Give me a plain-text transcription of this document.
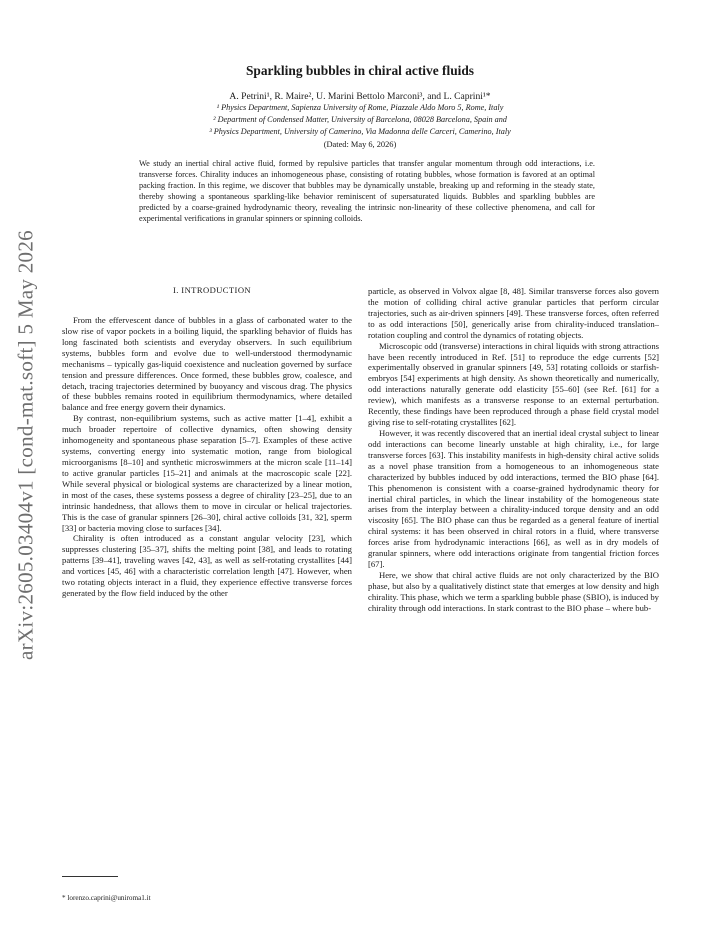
arXiv:2605.03404v1 [cond-mat.soft] 5 May 2026
Sparkling bubbles in chiral active fluids
A. Petrini¹, R. Maire², U. Marini Bettolo Marconi³, and L. Caprini¹*
¹ Physics Department, Sapienza University of Rome, Piazzale Aldo Moro 5, Rome, Italy
² Department of Condensed Matter, University of Barcelona, 08028 Barcelona, Spain and
³ Physics Department, University of Camerino, Via Madonna delle Carceri, Camerino, Italy
(Dated: May 6, 2026)
We study an inertial chiral active fluid, formed by repulsive particles that transfer angular momentum through odd interactions, i.e. transverse forces. Chirality induces an inhomogeneous phase, consisting of rotating bubbles, whose formation is favored at an optimal packing fraction. In this regime, we discover that bubbles may be dynamically unstable, breaking up and reforming in the steady state, thereby showing a spontaneous sparkling-like behavior reminiscent of supersaturated liquids. Bubbles and sparkling bubbles are predicted by a coarse-grained hydrodynamic theory, revealing the intrinsic non-linearity of these collective phenomena, and call for experimental verifications in granular spinners or spinning colloids.
I. INTRODUCTION

From the effervescent dance of bubbles in a glass of carbonated water to the slow rise of vapor pockets in a boiling liquid, the sparkling behavior of fluids has long fascinated both scientists and everyday observers. In such equilibrium systems, bubbles form and evolve due to well-understood thermodynamic mechanisms – typically gas-liquid coexistence and nucleation governed by surface tension and pressure differences. Once formed, these bubbles grow, coalesce, and detach, tracing trajectories determined by buoyancy and viscous drag. The physics of these bubbles remains rooted in equilibrium thermodynamics, where detailed balance and free energy govern their dynamics.

By contrast, non-equilibrium systems, such as active matter [1–4], exhibit a much broader repertoire of collective dynamics, often showing density inhomogeneity and spontaneous phase separation [5–7]. Examples of these active systems, converting energy into systematic motion, range from biological microorganisms [8–10] and synthetic microswimmers at the micron scale [11–14] to active granular particles [15–21] and animals at the macroscopic scale [22]. While several physical or biological systems are characterized by a linear motion, in most of the cases, these systems possess a degree of chirality [23–25], due to an intrinsic handedness, that allows them to move in circular or helical trajectories. This is the case of granular spinners [26–30], chiral active colloids [31, 32], sperm [33] or bacteria moving close to surfaces [34].

Chirality is often introduced as a constant angular velocity [23], which suppresses clustering [35–37], shifts the melting point [38], and leads to rotating patterns [39–41], traveling waves [42, 43], as well as self-rotating crystallites [44] and vortices [45, 46] with a characteristic correlation length [47]. However, when two rotating objects interact in a fluid, they experience effective transverse forces generated by the flow field induced by the other

particle, as observed in Volvox algae [8, 48]. Similar transverse forces also govern the motion of colliding chiral active granular particles that perform circular trajectories, such as air-driven spinners [49]. These transverse forces, often referred to as odd interactions [50], generically arise from chirality-induced translation–rotation coupling and control the dynamics of rotating objects.

Microscopic odd (transverse) interactions in chiral liquids with strong attractions have been recently introduced in Ref. [51] to reproduce the edge currents [52] experimentally observed in granular spinners [49, 53] rotating colloids or starfish-embryos [54] experiments at high density. As shown theoretically and numerically, odd interactions naturally generate odd elasticity [55–60] (see Ref. [61] for a review), which manifests as a transverse response to an external perturbation. Recently, these findings have been reproduced through a phase field crystal model giving rise to self-rotating crystallites [62].

However, it was recently discovered that an inertial ideal crystal subject to linear odd interactions can become linearly unstable at high chirality, i.e., for large transverse forces [63]. This instability manifests in high-density chiral active solids as a novel phase transition from a homogeneous to an inhomogeneous state characterized by bubbles induced by odd interactions, termed the BIO phase [64]. This phenomenon is consistent with a coarse-grained hydrodynamic theory for inertial chiral particles, in which the linear instability of the homogeneous state arises from the interplay between a chirality-induced torque density and an odd viscosity [65]. The BIO phase can thus be regarded as a general feature of inertial chiral systems: it has been observed in chiral rotors in a fluid, where transverse forces arise from hydrodynamic interactions [66], as well as in dry models of granular spinners, where odd interactions originate from tangential friction forces [67].

Here, we show that chiral active fluids are not only characterized by the BIO phase, but also by a qualitatively distinct state that emerges at low density and high chirality. This phase, which we term a sparkling bubble phase (SBIO), is induced by chirality through odd interactions. In stark contrast to the BIO phase – where bub-

* lorenzo.caprini@uniroma1.it
